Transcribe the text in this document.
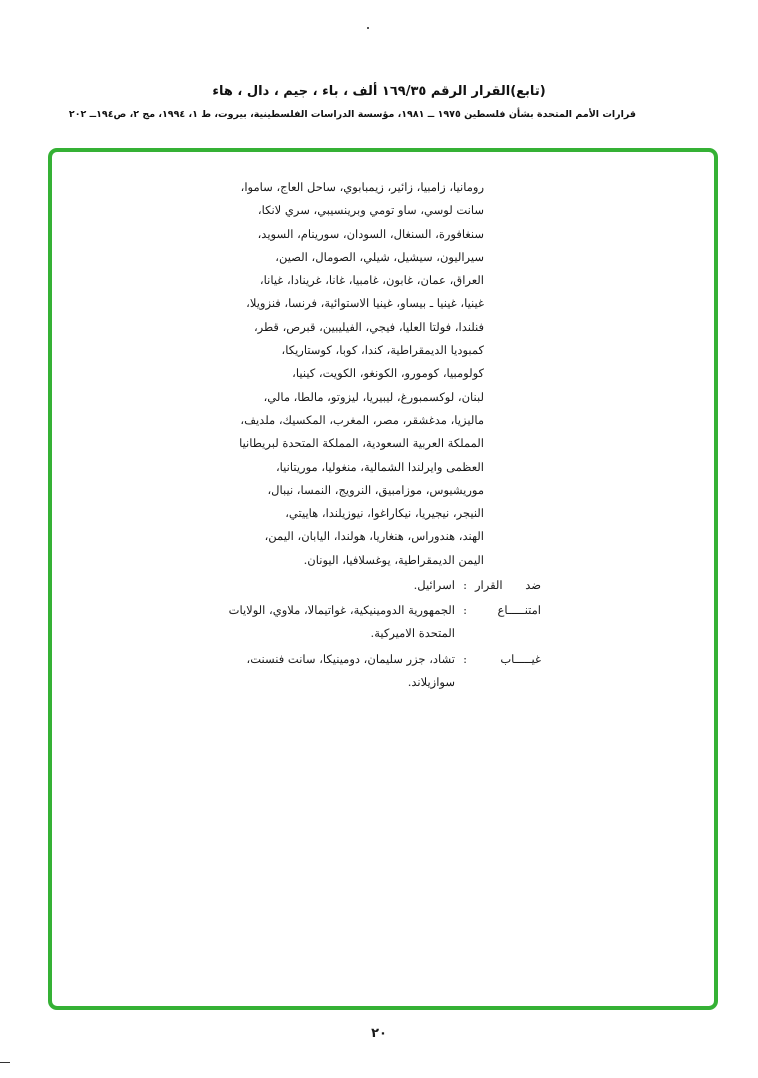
(تابع)القرار الرقم ١٦٩/٣٥ ألف ، باء ، جيم ، دال ، هاء

قرارات الأمم المتحدة بشأن فلسطين ١٩٧٥ ــ ١٩٨١، مؤسسة الدراسات الفلسطينية، بيروت، ط ١، ١٩٩٤، مج ٢، ص١٩٤ــ ٢٠٢

رومانيا، زامبيا، زائير، زيمبابوي، ساحل العاج، ساموا،
سانت لوسي، ساو تومي وبرينسيبي، سري لانكا،
سنغافورة، السنغال، السودان، سورينام، السويد،
سيراليون، سيشيل، شيلي، الصومال، الصين،
العراق، عمان، غابون، غامبيا، غانا، غرينادا، غيانا،
غينيا، غينيا ـ بيساو، غينيا الاستوائية، فرنسا، فنزويلا،
فنلندا، فولتا العليا، فيجي، الفيليبين، قبرص، قطر،
كمبوديا الديمقراطية، كندا، كوبا، كوستاريكا،
كولومبيا، كومورو، الكونغو، الكويت، كينيا،
لبنان، لوكسمبورغ، ليبيريا، ليزوتو، مالطا، مالي،
ماليزيا، مدغشقر، مصر، المغرب، المكسيك، ملديف،
المملكة العربية السعودية، المملكة المتحدة لبريطانيا
العظمى وايرلندا الشمالية، منغوليا، موريتانيا،
موريشيوس، موزامبيق، النرويج، النمسا، نيبال،
النيجر، نيجيريا، نيكاراغوا، نيوزيلندا، هاييتي،
الهند، هندوراس، هنغاريا، هولندا، اليابان، اليمن،
اليمن الديمقراطية، يوغسلافيا، اليونان.
ضد القرار
:
اسرائيل.
امتنـــــاع
:
الجمهورية الدومينيكية، غواتيمالا، ملاوي، الولايات
المتحدة الاميركية.
غيـــــاب
:
تشاد، جزر سليمان، دومينيكا، سانت فنسنت،
سوازيلاند.
٢٠
